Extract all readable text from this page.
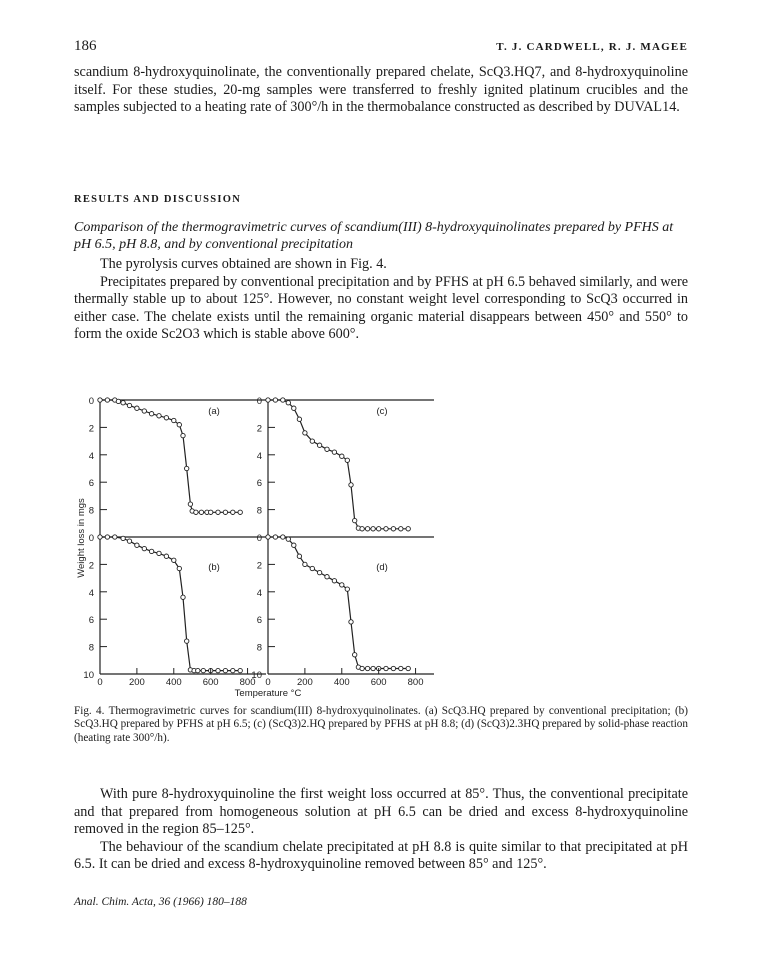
186	T. J. CARDWELL, R. J. MAGEE

scandium 8-hydroxyquinolinate, the conventionally prepared chelate, ScQ3.HQ7, and 8-hydroxyquinoline itself. For these studies, 20-mg samples were transferred to freshly ignited platinum crucibles and the samples subjected to a heating rate of 300°/h in the thermobalance constructed as described by DUVAL14.

RESULTS AND DISCUSSION
Comparison of the thermogravimetric curves of scandium(III) 8-hydroxyquinolinates prepared by PFHS at pH 6.5, pH 8.8, and by conventional precipitation

The pyrolysis curves obtained are shown in Fig. 4.

Precipitates prepared by conventional precipitation and by PFHS at pH 6.5 behaved similarly, and were thermally stable up to about 125°. However, no constant weight level corresponding to ScQ3 occurred in either case. The chelate exists until the remaining organic material disappears between 450° and 550° to form the oxide Sc2O3 which is stable above 600°.

0
2
4
6
8
(a)
0
2
4
6
8
10
0	200 400 600 800
(b)
0
2
4
6
8
(c)
0
2
4
6
8
10
0	200 400 600 800
(d)
Weight loss in mgs
Temperature °C
Fig. 4. Thermogravimetric curves for scandium(III) 8-hydroxyquinolinates. (a) ScQ3.HQ prepared by conventional precipitation; (b) ScQ3.HQ prepared by PFHS at pH 6.5; (c) (ScQ3)2.HQ prepared by PFHS at pH 8.8; (d) (ScQ3)2.3HQ prepared by solid-phase reaction (heating rate 300°/h).

With pure 8-hydroxyquinoline the first weight loss occurred at 85°. Thus, the conventional precipitate and that prepared from homogeneous solution at pH 6.5 can be dried and excess 8-hydroxyquinoline removed in the region 85–125°.

The behaviour of the scandium chelate precipitated at pH 8.8 is quite similar to that precipitated at pH 6.5. It can be dried and excess 8-hydroxyquinoline removed between 85° and 125°.

Anal. Chim. Acta, 36 (1966) 180–188
